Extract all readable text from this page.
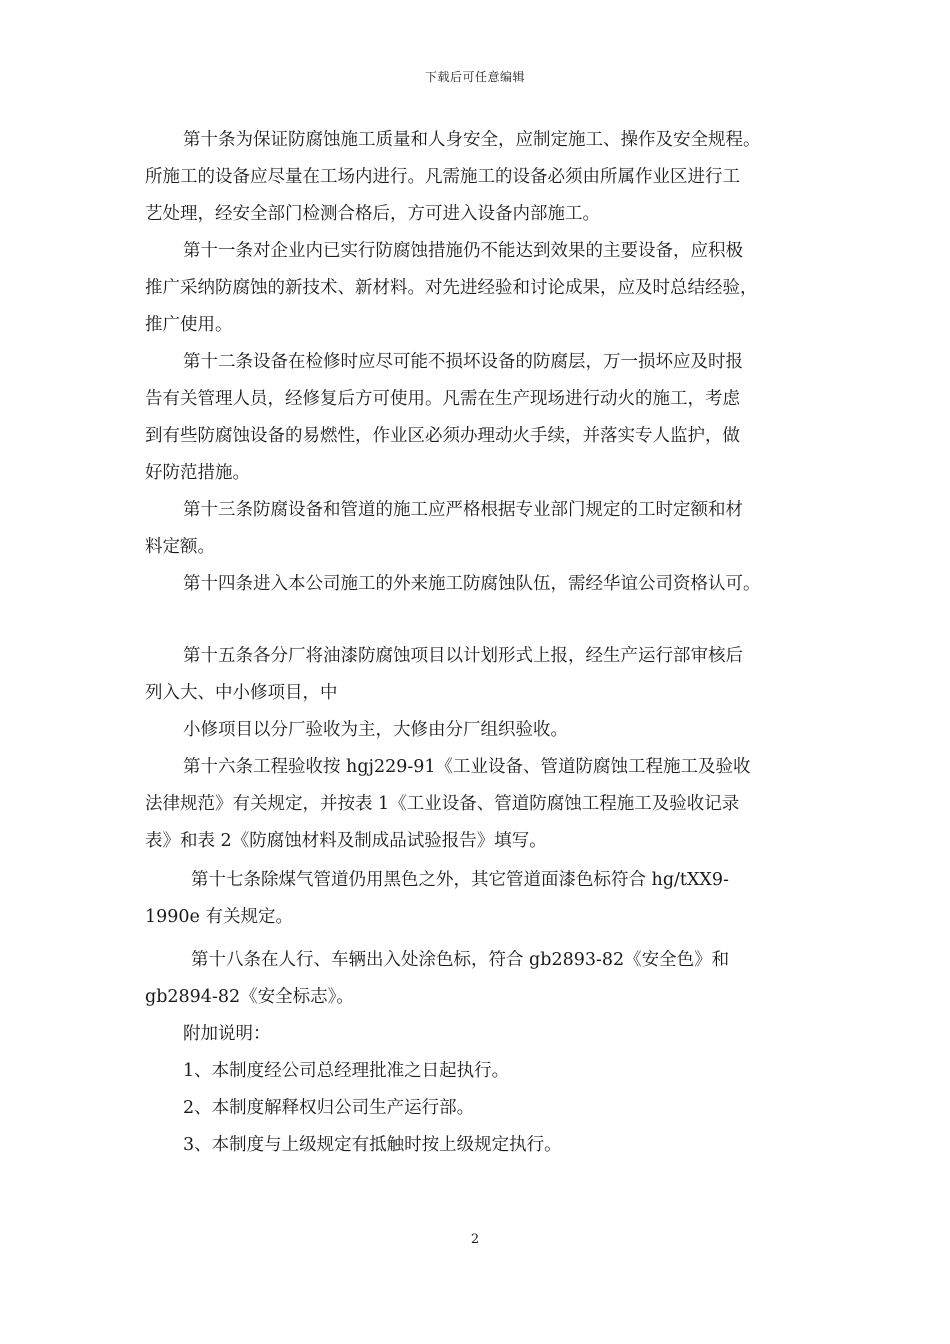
下载后可任意编辑
第十条为保证防腐蚀施工质量和人身安全，应制定施工、操作及安全规程。
所施工的设备应尽量在工场内进行。凡需施工的设备必须由所属作业区进行工
艺处理，经安全部门检测合格后，方可进入设备内部施工。
第十一条对企业内已实行防腐蚀措施仍不能达到效果的主要设备，应积极
推广采纳防腐蚀的新技术、新材料。对先进经验和讨论成果，应及时总结经验，
推广使用。
第十二条设备在检修时应尽可能不损坏设备的防腐层，万一损坏应及时报
告有关管理人员，经修复后方可使用。凡需在生产现场进行动火的施工，考虑
到有些防腐蚀设备的易燃性，作业区必须办理动火手续，并落实专人监护，做
好防范措施。
第十三条防腐设备和管道的施工应严格根据专业部门规定的工时定额和材
料定额。
第十四条进入本公司施工的外来施工防腐蚀队伍，需经华谊公司资格认可。
第十五条各分厂将油漆防腐蚀项目以计划形式上报，经生产运行部审核后
列入大、中小修项目，中
小修项目以分厂验收为主，大修由分厂组织验收。
第十六条工程验收按 hgj229-91《工业设备、管道防腐蚀工程施工及验收
法律规范》有关规定，并按表 1《工业设备、管道防腐蚀工程施工及验收记录
表》和表 2《防腐蚀材料及制成品试验报告》填写。
第十七条除煤气管道仍用黑色之外，其它管道面漆色标符合 hg/tXX9-
1990e 有关规定。
第十八条在人行、车辆出入处涂色标，符合 gb2893-82《安全色》和
gb2894-82《安全标志》。
附加说明：
1、本制度经公司总经理批准之日起执行。
2、本制度解释权归公司生产运行部。
3、本制度与上级规定有抵触时按上级规定执行。
2
